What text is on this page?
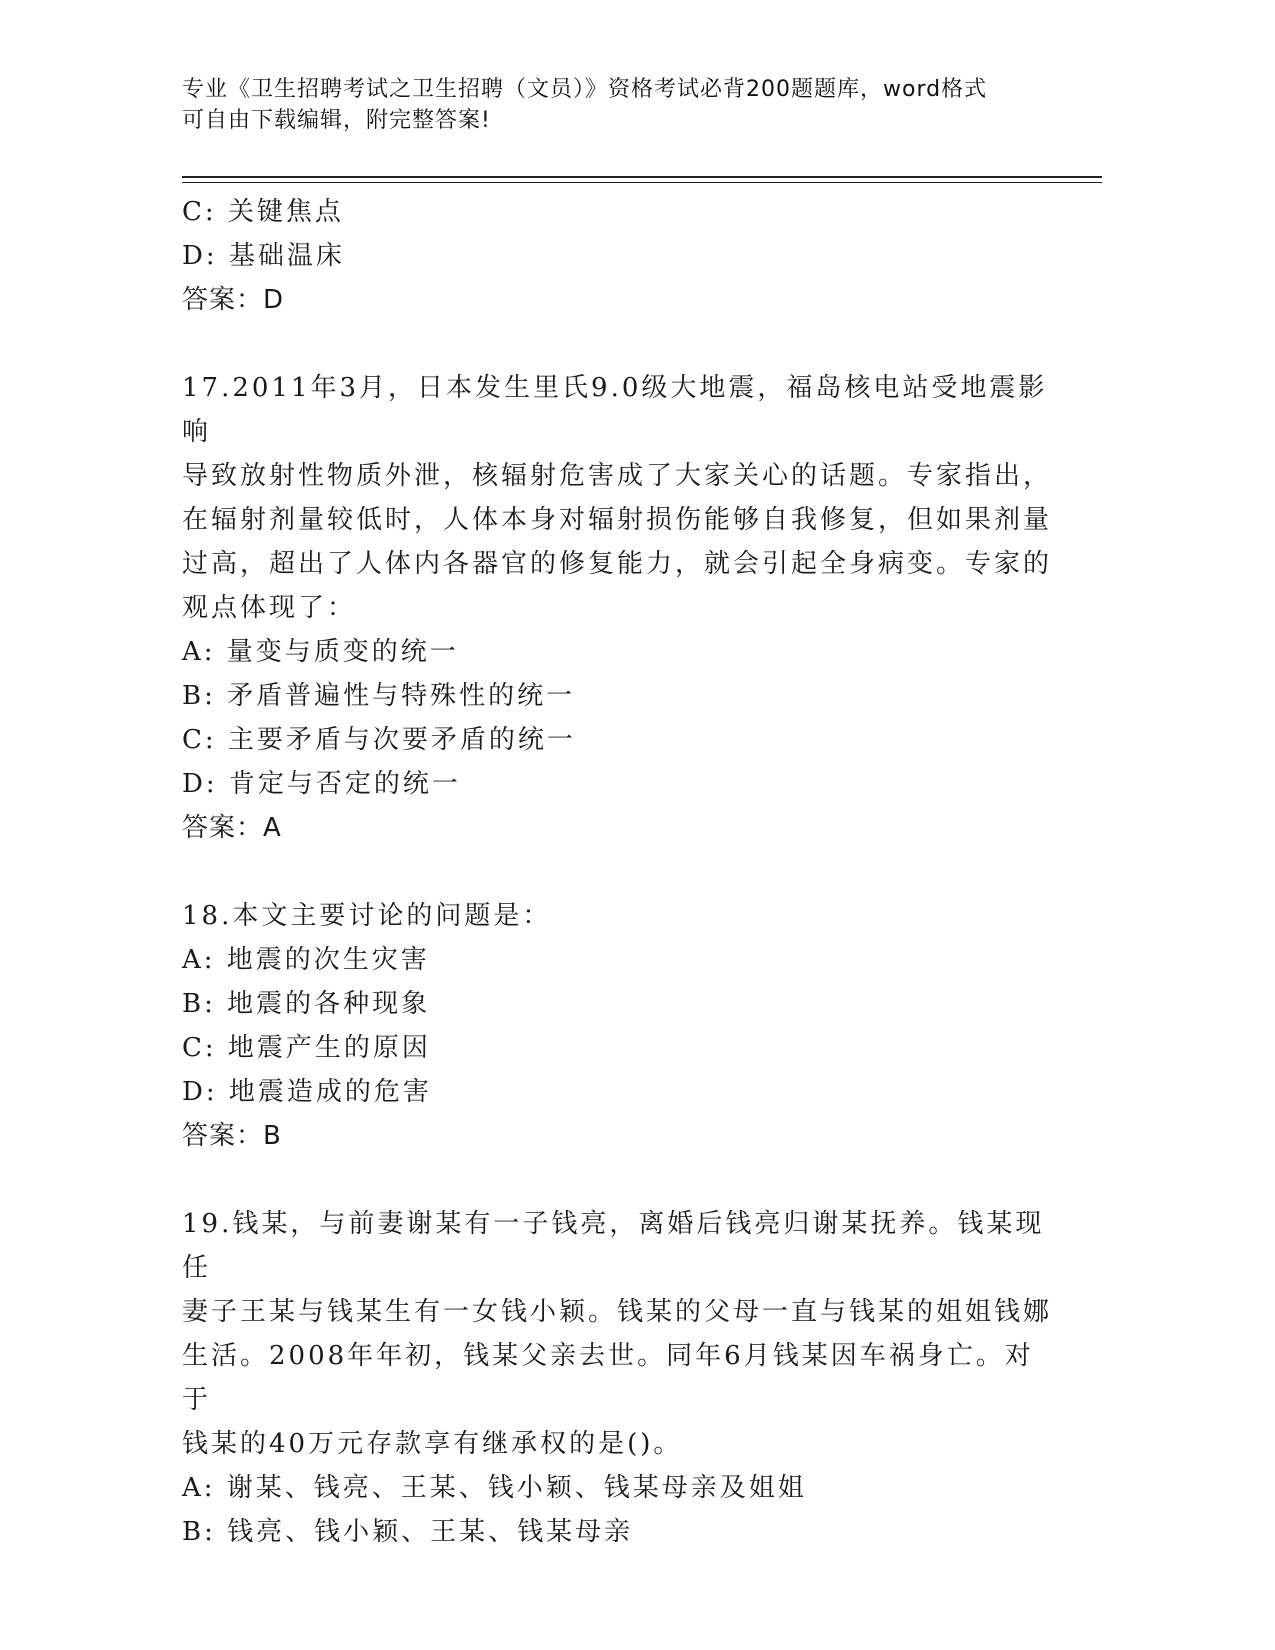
专业《卫生招聘考试之卫生招聘（文员）》资格考试必背200题题库，word格式
可自由下载编辑，附完整答案!
C: 关键焦点
D: 基础温床
答案：D
17.2011年3月，日本发生里氏9.0级大地震，福岛核电站受地震影响
导致放射性物质外泄，核辐射危害成了大家关心的话题。专家指出，
在辐射剂量较低时，人体本身对辐射损伤能够自我修复，但如果剂量
过高，超出了人体内各器官的修复能力，就会引起全身病变。专家的
观点体现了：
A: 量变与质变的统一
B: 矛盾普遍性与特殊性的统一
C: 主要矛盾与次要矛盾的统一
D: 肯定与否定的统一
答案：A
18.本文主要讨论的问题是：
A: 地震的次生灾害
B: 地震的各种现象
C: 地震产生的原因
D: 地震造成的危害
答案：B
19.钱某，与前妻谢某有一子钱亮，离婚后钱亮归谢某抚养。钱某现任
妻子王某与钱某生有一女钱小颖。钱某的父母一直与钱某的姐姐钱娜
生活。2008年年初，钱某父亲去世。同年6月钱某因车祸身亡。对于
钱某的40万元存款享有继承权的是()。
A: 谢某、钱亮、王某、钱小颖、钱某母亲及姐姐
B: 钱亮、钱小颖、王某、钱某母亲
